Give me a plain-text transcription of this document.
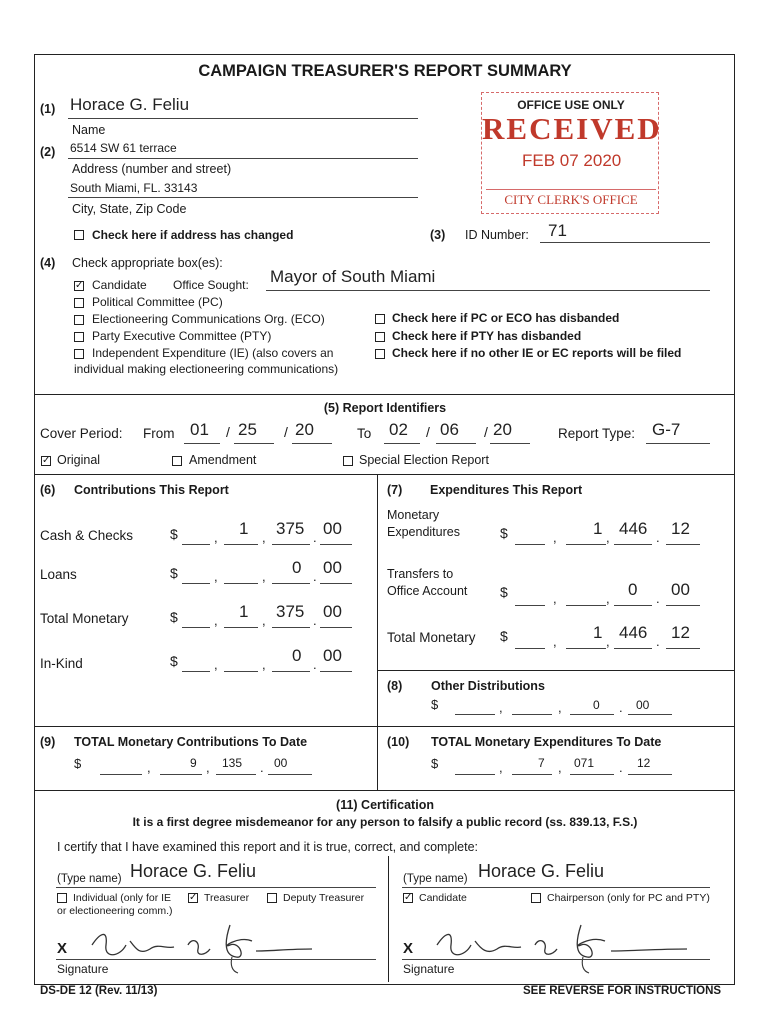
CAMPAIGN TREASURER'S REPORT SUMMARY
(1) Horace G. Feliu
Name
(2) 6514 SW 61 terrace
Address (number and street)
South Miami, FL. 33143
City, State, Zip Code
Check here if address has changed	(3) ID Number: 71
OFFICE USE ONLY
RECEIVED
FEB 07 2020
CITY CLERK'S OFFICE
(4) Check appropriate box(es):
✓ Candidate Office Sought: Mayor of South Miami
Political Committee (PC)
Electioneering Communications Org. (ECO)
Party Executive Committee (PTY)
Independent Expenditure (IE) (also covers an
individual making electioneering communications)
Check here if PC or ECO has disbanded
Check here if PTY has disbanded
Check here if no other IE or EC reports will be filed
(5) Report Identifiers
Cover Period: From 01 / 25 / 20	To 02 / 06 / 20	Report Type: G-7
✓ Original	Amendment	Special Election Report
(6) Contributions This Report
Cash & Checks	$	, 1 , 375 . 00
Loans	$	,	, 0 . 00
Total Monetary	$	, 1 , 375 . 00
In-Kind	$	,	, 0 . 00
(7) Expenditures This Report
Monetary
Expenditures	$	, 1 , 446 . 12
Transfers to
Office Account $	,	, 0 . 00
Total Monetary $	, 1 , 446 . 12
(8) Other Distributions
$	,	,	0 . 00
(9) TOTAL Monetary Contributions To Date
$	,	9 , 135 . 00
(10) TOTAL Monetary Expenditures To Date
$	,	7 , 071 . 12
(11) Certification
It is a first degree misdemeanor for any person to falsify a public record (ss. 839.13, F.S.)
I certify that I have examined this report and it is true, correct, and complete:
(Type name) Horace G. Feliu
Individual (only for IE
or electioneering comm.)
✓ Treasurer	Deputy Treasurer
X
Signature
(Type name) Horace G. Feliu
✓ Candidate	Chairperson (only for PC and PTY)
X
Signature
DS-DE 12 (Rev. 11/13)	SEE REVERSE FOR INSTRUCTIONS
